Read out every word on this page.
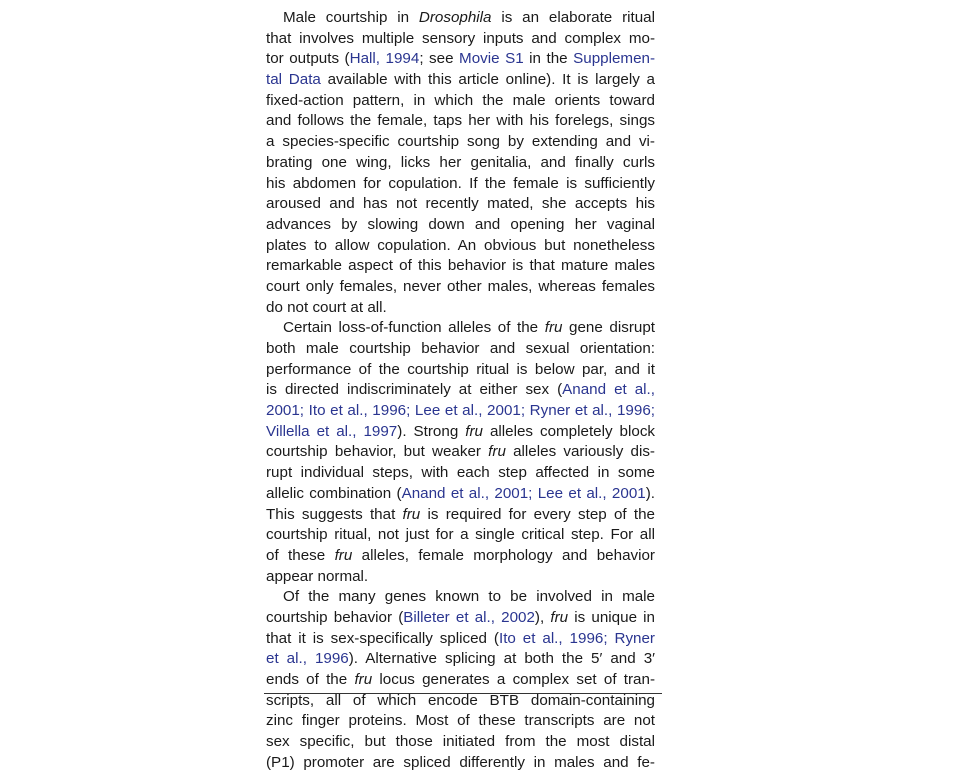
Male courtship in Drosophila is an elaborate ritual
that involves multiple sensory inputs and complex mo-
tor outputs (Hall, 1994; see Movie S1 in the Supplemen-
tal Data available with this article online). It is largely a
fixed-action pattern, in which the male orients toward
and follows the female, taps her with his forelegs, sings
a species-specific courtship song by extending and vi-
brating one wing, licks her genitalia, and finally curls
his abdomen for copulation. If the female is sufficiently
aroused and has not recently mated, she accepts his
advances by slowing down and opening her vaginal
plates to allow copulation. An obvious but nonetheless
remarkable aspect of this behavior is that mature males
court only females, never other males, whereas females
do not court at all.
Certain loss-of-function alleles of the fru gene disrupt
both male courtship behavior and sexual orientation:
performance of the courtship ritual is below par, and it
is directed indiscriminately at either sex (Anand et al.,
2001; Ito et al., 1996; Lee et al., 2001; Ryner et al., 1996;
Villella et al., 1997). Strong fru alleles completely block
courtship behavior, but weaker fru alleles variously dis-
rupt individual steps, with each step affected in some
allelic combination (Anand et al., 2001; Lee et al., 2001).
This suggests that fru is required for every step of the
courtship ritual, not just for a single critical step. For all
of these fru alleles, female morphology and behavior
appear normal.
Of the many genes known to be involved in male
courtship behavior (Billeter et al., 2002), fru is unique in
that it is sex-specifically spliced (Ito et al., 1996; Ryner
et al., 1996). Alternative splicing at both the 5′ and 3′
ends of the fru locus generates a complex set of tran-
scripts, all of which encode BTB domain-containing
zinc finger proteins. Most of these transcripts are not
sex specific, but those initiated from the most distal
(P1) promoter are spliced differently in males and fe-
